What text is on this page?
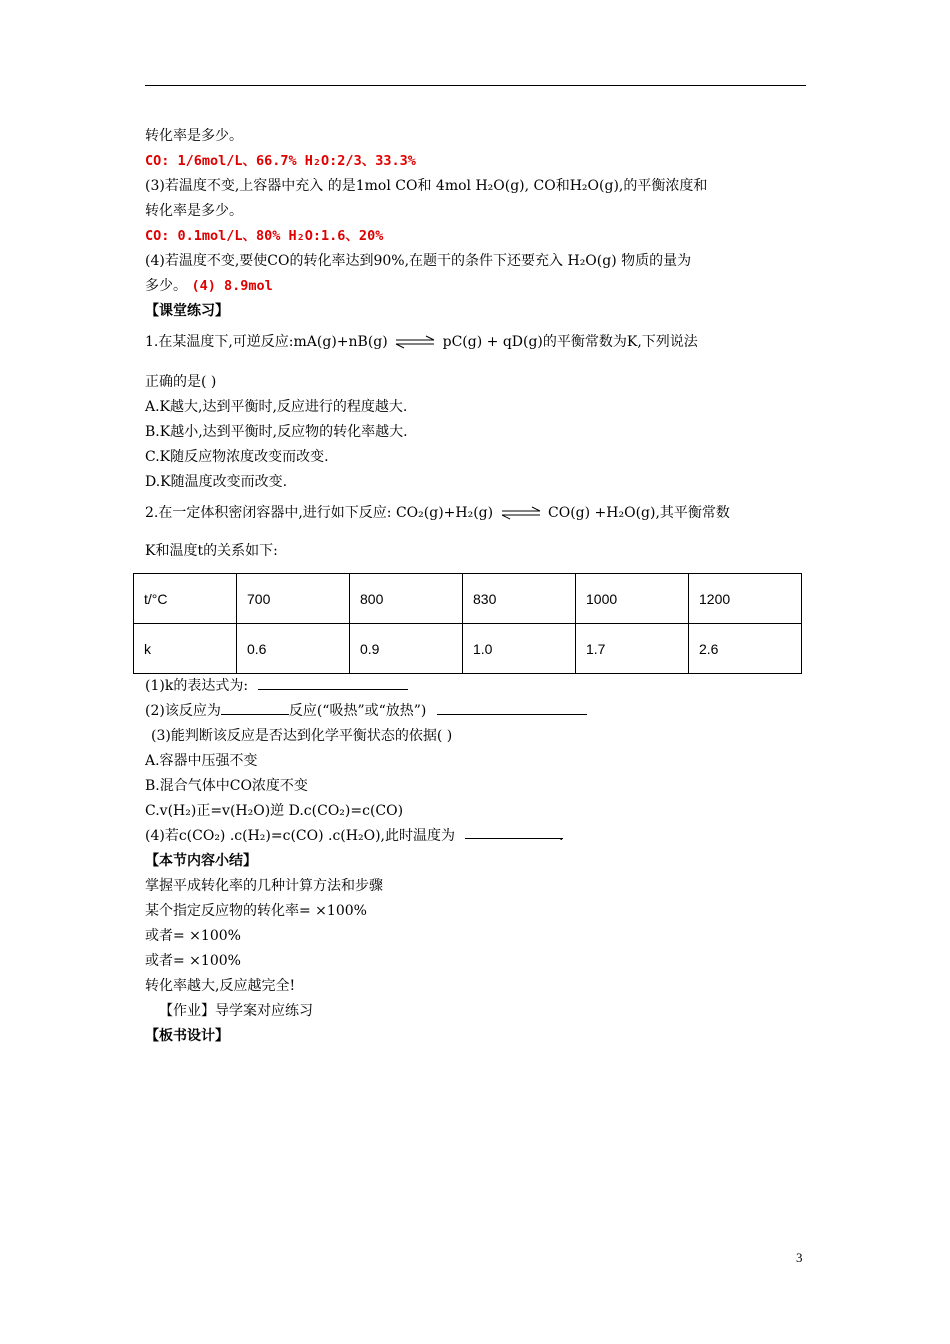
转化率是多少。
CO: 1/6mol/L、66.7% H₂O:2/3、33.3%
(3)若温度不变,上容器中充入 的是1mol CO和 4mol H₂O(g), CO和H₂O(g),的平衡浓度和
转化率是多少。
CO: 0.1mol/L、80% H₂O:1.6、20%
(4)若温度不变,要使CO的转化率达到90%,在题干的条件下还要充入 H₂O(g) 物质的量为
多少。 (4) 8.9mol
【课堂练习】
1.在某温度下,可逆反应:mA(g)+nB(g) ⇌ pC(g) + qD(g)的平衡常数为K,下列说法
正确的是( )
A.K越大,达到平衡时,反应进行的程度越大.
B.K越小,达到平衡时,反应物的转化率越大.
C.K随反应物浓度改变而改变.
D.K随温度改变而改变.
2.在一定体积密闭容器中,进行如下反应: CO₂(g)+H₂(g) ⇌ CO(g) +H₂O(g),其平衡常数
K和温度t的关系如下:
t/°C	700	800	830	1000	1200
k	0.6	0.9	1.0	1.7	2.6
(1)k的表达式为:
(2)该反应为	反应(“吸热”或“放热”)
(3)能判断该反应是否达到化学平衡状态的依据( )
A.容器中压强不变
B.混合气体中CO浓度不变
C.v(H₂)正=v(H₂O)逆 D.c(CO₂)=c(CO)
(4)若c(CO₂) .c(H₂)=c(CO) .c(H₂O),此时温度为	.
【本节内容小结】
掌握平成转化率的几种计算方法和步骤
某个指定反应物的转化率= ×100%
或者= ×100%
或者= ×100%
转化率越大,反应越完全!
【作业】导学案对应练习
【板书设计】
3
